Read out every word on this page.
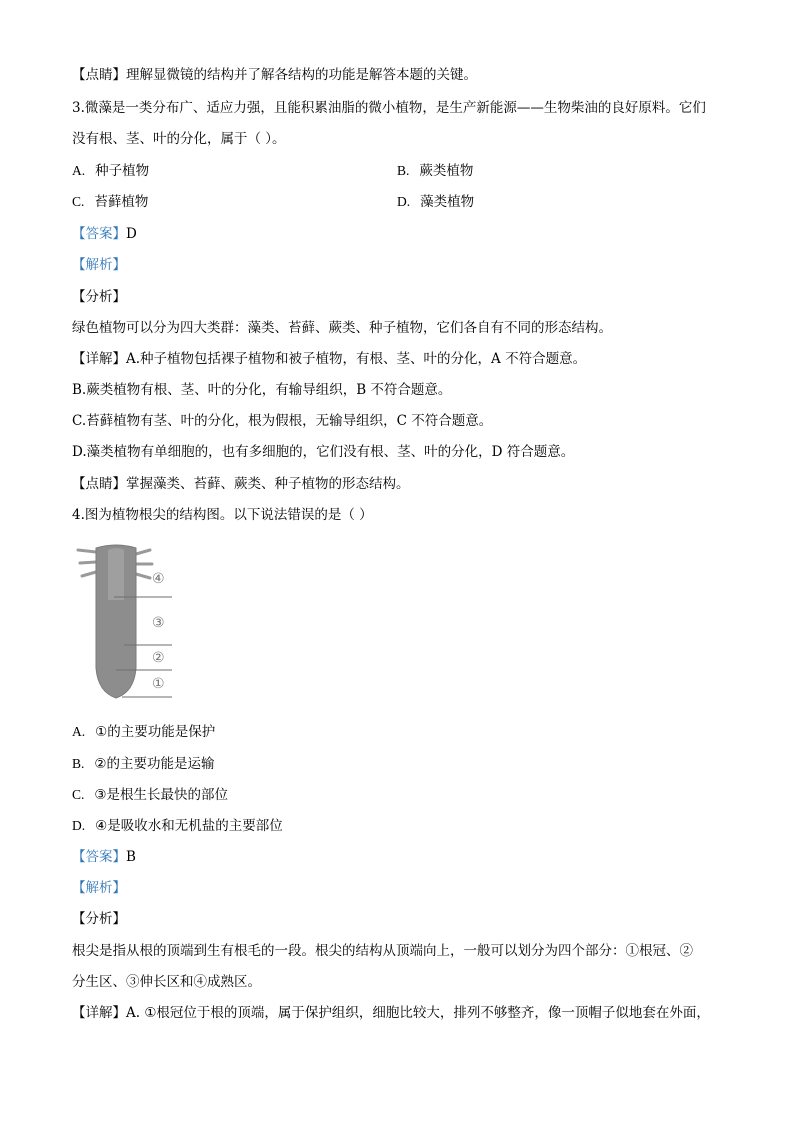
【点睛】理解显微镜的结构并了解各结构的功能是解答本题的关键。
3.微藻是一类分布广、适应力强，且能积累油脂的微小植物，是生产新能源——生物柴油的良好原料。它们
没有根、茎、叶的分化，属于（ ）。
A. 种子植物	B. 蕨类植物
C. 苔藓植物	D. 藻类植物
【答案】D
【解析】
【分析】
绿色植物可以分为四大类群：藻类、苔藓、蕨类、种子植物，它们各自有不同的形态结构。
【详解】A.种子植物包括裸子植物和被子植物，有根、茎、叶的分化，A 不符合题意。
B.蕨类植物有根、茎、叶的分化，有输导组织，B 不符合题意。
C.苔藓植物有茎、叶的分化，根为假根，无输导组织，C 不符合题意。
D.藻类植物有单细胞的，也有多细胞的，它们没有根、茎、叶的分化，D 符合题意。
【点睛】掌握藻类、苔藓、蕨类、种子植物的形态结构。
4.图为植物根尖的结构图。以下说法错误的是（ ）
④
③
②
①
A. ①的主要功能是保护
B. ②的主要功能是运输
C. ③是根生长最快的部位
D. ④是吸收水和无机盐的主要部位
【答案】B
【解析】
【分析】
根尖是指从根的顶端到生有根毛的一段。根尖的结构从顶端向上，一般可以划分为四个部分：①根冠、②
分生区、③伸长区和④成熟区。
【详解】A. ①根冠位于根的顶端，属于保护组织，细胞比较大，排列不够整齐，像一顶帽子似地套在外面，
